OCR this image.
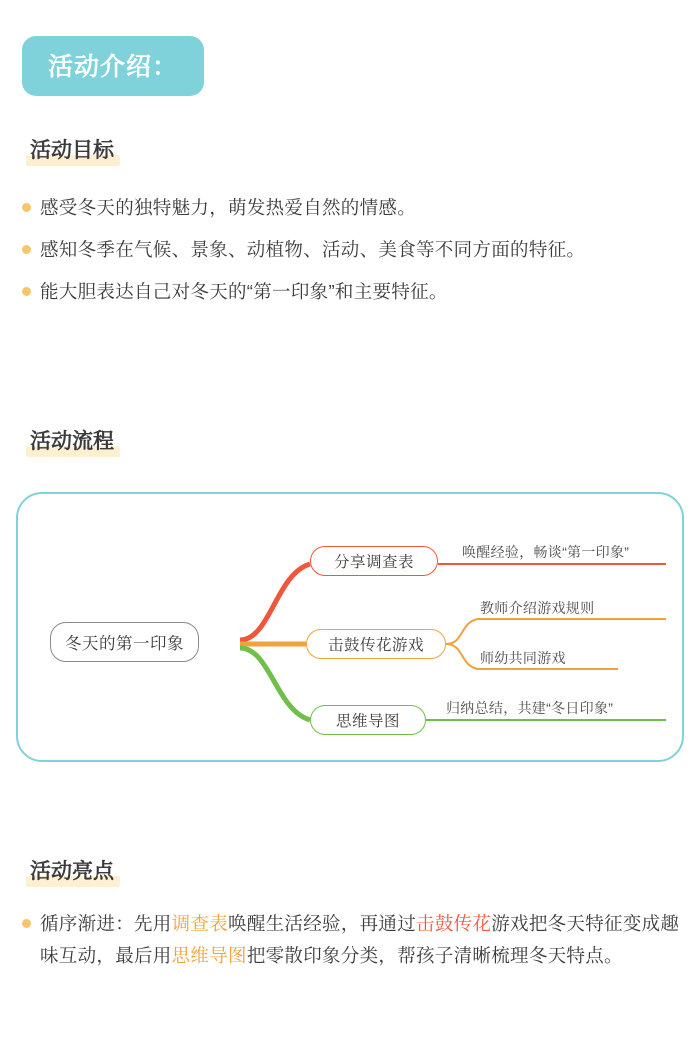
活动介绍：
活动目标
感受冬天的独特魅力，萌发热爱自然的情感。
感知冬季在气候、景象、动植物、活动、美食等不同方面的特征。
能大胆表达自己对冬天的“第一印象”和主要特征。
活动流程
冬天的第一印象
分享调查表
击鼓传花游戏
思维导图
唤醒经验，畅谈“第一印象”
教师介绍游戏规则
师幼共同游戏
归纳总结，共建“冬日印象”
活动亮点
循序渐进：先用调查表唤醒生活经验，再通过击鼓传花游戏把冬天特征变成趣味互动，最后用思维导图把零散印象分类，帮孩子清晰梳理冬天特点。
